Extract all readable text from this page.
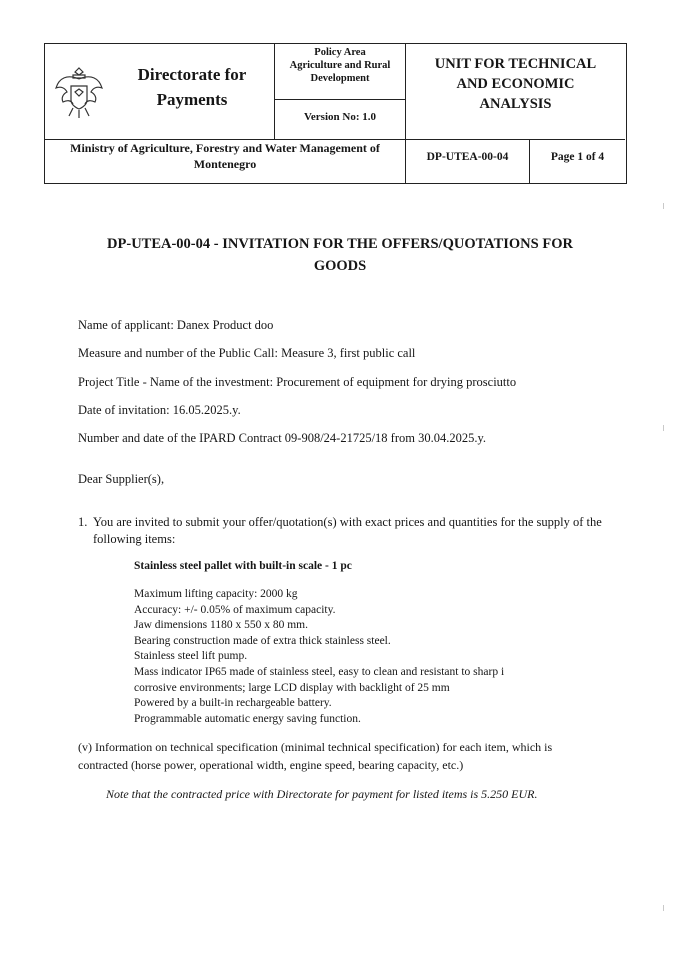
Directorate for Payments
Policy Area
Agriculture and Rural
Development
Version No: 1.0
UNIT FOR TECHNICAL
AND ECONOMIC
ANALYSIS
Ministry of Agriculture, Forestry and Water Management of
Montenegro	DP-UTEA-00-04	Page 1 of 4
DP-UTEA-00-04 - INVITATION FOR THE OFFERS/QUOTATIONS FOR
GOODS
Name of applicant: Danex Product doo
Measure and number of the Public Call: Measure 3, first public call
Project Title - Name of the investment: Procurement of equipment for drying prosciutto
Date of invitation: 16.05.2025.y.
Number and date of the IPARD Contract 09-908/24-21725/18 from 30.04.2025.y.
Dear Supplier(s),
1. You are invited to submit your offer/quotation(s) with exact prices and quantities for the supply of the following items:
Stainless steel pallet with built-in scale - 1 pc
Maximum lifting capacity: 2000 kg
Accuracy: +/- 0.05% of maximum capacity.
Jaw dimensions 1180 x 550 x 80 mm.
Bearing construction made of extra thick stainless steel.
Stainless steel lift pump.
Mass indicator IP65 made of stainless steel, easy to clean and resistant to sharp i
corrosive environments; large LCD display with backlight of 25 mm
Powered by a built-in rechargeable battery.
Programmable automatic energy saving function.
(v) Information on technical specification (minimal technical specification) for each item, which is contracted (horse power, operational width, engine speed, bearing capacity, etc.)
Note that the contracted price with Directorate for payment for listed items is 5.250 EUR.
